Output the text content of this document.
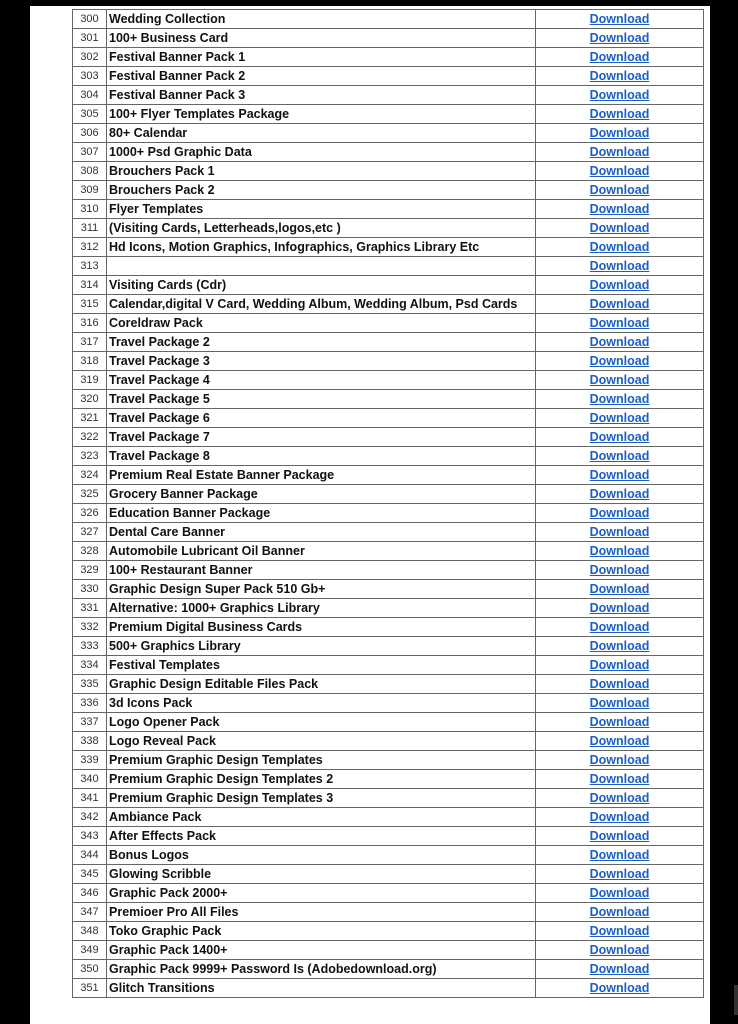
300	Wedding Collection	Download
301	100+ Business Card	Download
302	Festival Banner Pack 1	Download
303	Festival Banner Pack 2	Download
304	Festival Banner Pack 3	Download
305	100+ Flyer Templates Package	Download
306	80+ Calendar	Download
307	1000+ Psd Graphic Data	Download
308	Brouchers Pack 1	Download
309	Brouchers Pack 2	Download
310	Flyer Templates	Download
311	(Visiting Cards, Letterheads,logos,etc )	Download
312	Hd Icons, Motion Graphics, Infographics, Graphics Library Etc	Download
313		Download
314	Visiting Cards (Cdr)	Download
315	Calendar,digital V Card, Wedding Album, Wedding Album, Psd Cards	Download
316	Coreldraw Pack	Download
317	Travel Package 2	Download
318	Travel Package 3	Download
319	Travel Package 4	Download
320	Travel Package 5	Download
321	Travel Package 6	Download
322	Travel Package 7	Download
323	Travel Package 8	Download
324	Premium Real Estate Banner Package	Download
325	Grocery Banner Package	Download
326	Education Banner Package	Download
327	Dental Care Banner	Download
328	Automobile Lubricant Oil Banner	Download
329	100+ Restaurant Banner	Download
330	Graphic Design Super Pack 510 Gb+	Download
331	Alternative: 1000+ Graphics Library	Download
332	Premium Digital Business Cards	Download
333	500+ Graphics Library	Download
334	Festival Templates	Download
335	Graphic Design Editable Files Pack	Download
336	3d Icons Pack	Download
337	Logo Opener Pack	Download
338	Logo Reveal Pack	Download
339	Premium Graphic Design Templates	Download
340	Premium Graphic Design Templates 2	Download
341	Premium Graphic Design Templates 3	Download
342	Ambiance Pack	Download
343	After Effects Pack	Download
344	Bonus Logos	Download
345	Glowing Scribble	Download
346	Graphic Pack 2000+	Download
347	Premioer Pro All Files	Download
348	Toko Graphic Pack	Download
349	Graphic Pack 1400+	Download
350	Graphic Pack 9999+ Password Is (Adobedownload.org)	Download
351	Glitch Transitions	Download
